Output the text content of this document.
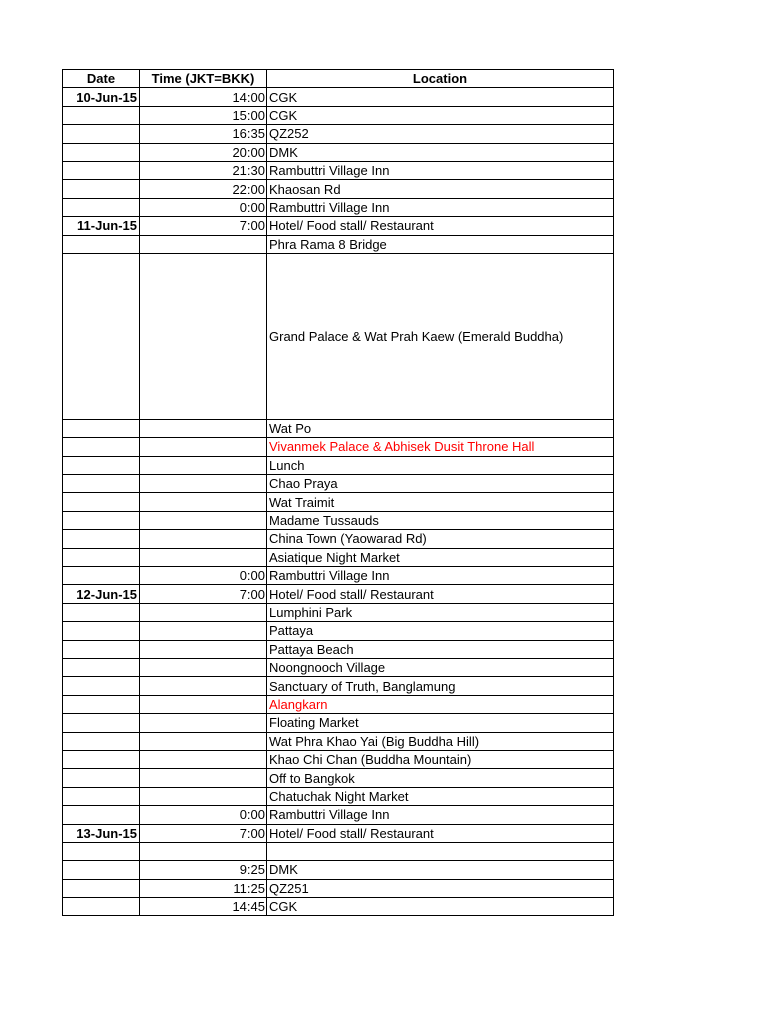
Date	Time (JKT=BKK)	Location
10-Jun-15	14:00	CGK
	15:00	CGK
	16:35	QZ252
	20:00	DMK
	21:30	Rambuttri Village Inn
	22:00	Khaosan Rd
	0:00	Rambuttri Village Inn
11-Jun-15	7:00	Hotel/ Food stall/ Restaurant
		Phra Rama 8 Bridge
		Grand Palace & Wat Prah Kaew (Emerald Buddha)
		Wat Po
		Vivanmek Palace & Abhisek Dusit Throne Hall
		Lunch
		Chao Praya
		Wat Traimit
		Madame Tussauds
		China Town (Yaowarad Rd)
		Asiatique Night Market
	0:00	Rambuttri Village Inn
12-Jun-15	7:00	Hotel/ Food stall/ Restaurant
		Lumphini Park
		Pattaya
		Pattaya Beach
		Noongnooch Village
		Sanctuary of Truth, Banglamung
		Alangkarn
		Floating Market
		Wat Phra Khao Yai (Big Buddha Hill)
		Khao Chi Chan (Buddha Mountain)
		Off to Bangkok
		Chatuchak Night Market
	0:00	Rambuttri Village Inn
13-Jun-15	7:00	Hotel/ Food stall/ Restaurant

	9:25	DMK
	11:25	QZ251
	14:45	CGK
